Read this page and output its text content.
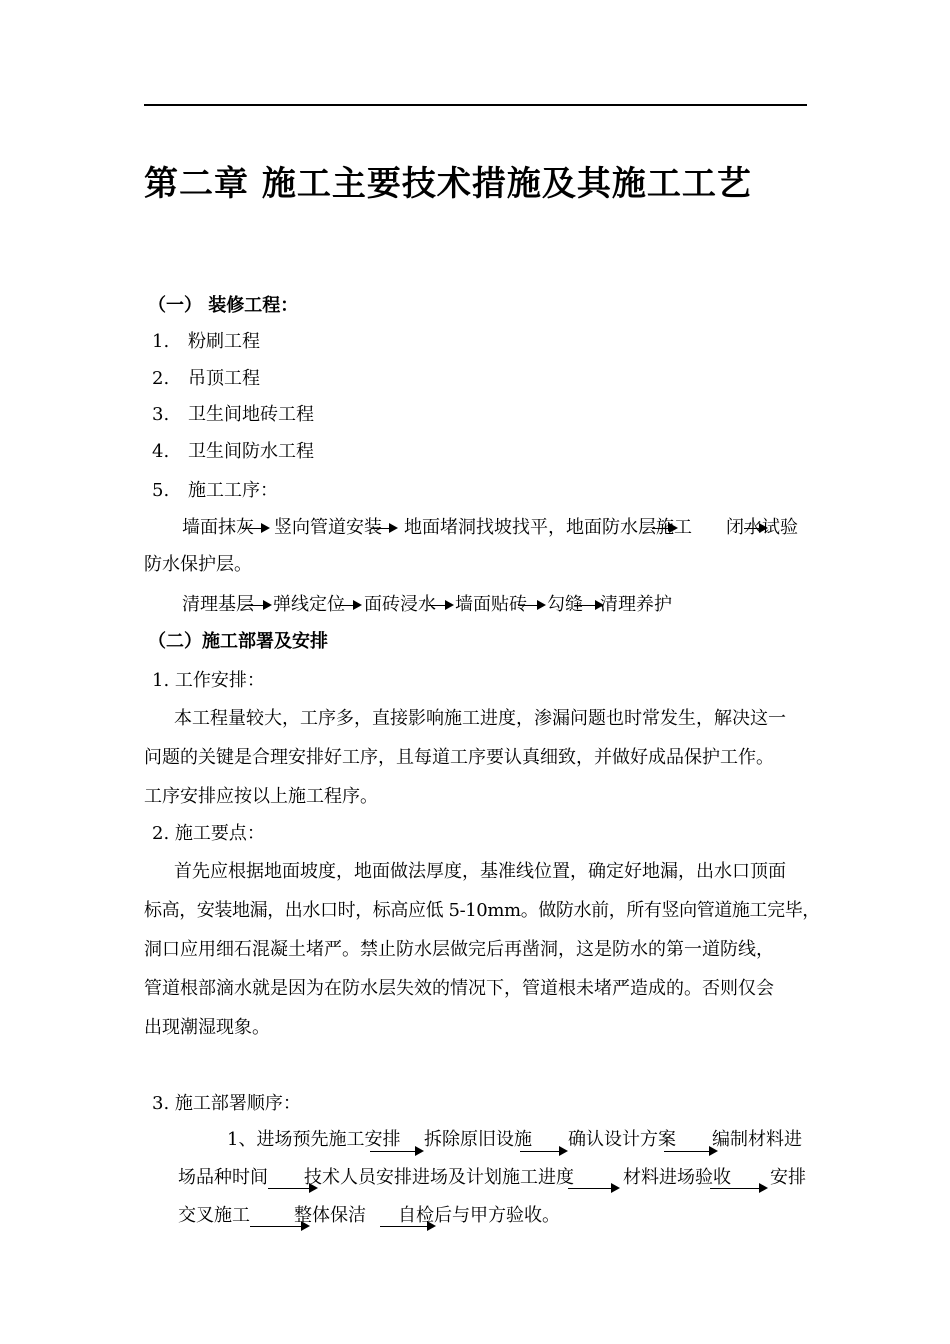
第二章 施工主要技术措施及其施工工艺
（一） 装修工程：
1. 粉刷工程
2. 吊顶工程
3. 卫生间地砖工程
4. 卫生间防水工程
5. 施工工序：
墙面抹灰 竖向管道安装 地面堵洞找坡找平，地面防水层施工 闭水试验
防水保护层。
清理基层 弹线定位 面砖浸水 墙面贴砖 勾缝 清理养护
（二）施工部署及安排
1. 工作安排：
本工程量较大，工序多，直接影响施工进度，渗漏问题也时常发生，解决这一
问题的关键是合理安排好工序，且每道工序要认真细致，并做好成品保护工作。
工序安排应按以上施工程序。
2. 施工要点：
首先应根据地面坡度，地面做法厚度，基准线位置，确定好地漏，出水口顶面
标高，安装地漏，出水口时，标高应低 5-10mm。做防水前，所有竖向管道施工完毕，
洞口应用细石混凝土堵严。禁止防水层做完后再凿洞，这是防水的第一道防线，
管道根部滴水就是因为在防水层失效的情况下，管道根未堵严造成的。否则仅会
出现潮湿现象。
3. 施工部署顺序：
1、进场预先施工安排 拆除原旧设施 确认设计方案 编制材料进
场品种时间 技术人员安排进场及计划施工进度	材料进场验收 安排
交叉施工 整体保洁 自检后与甲方验收。
